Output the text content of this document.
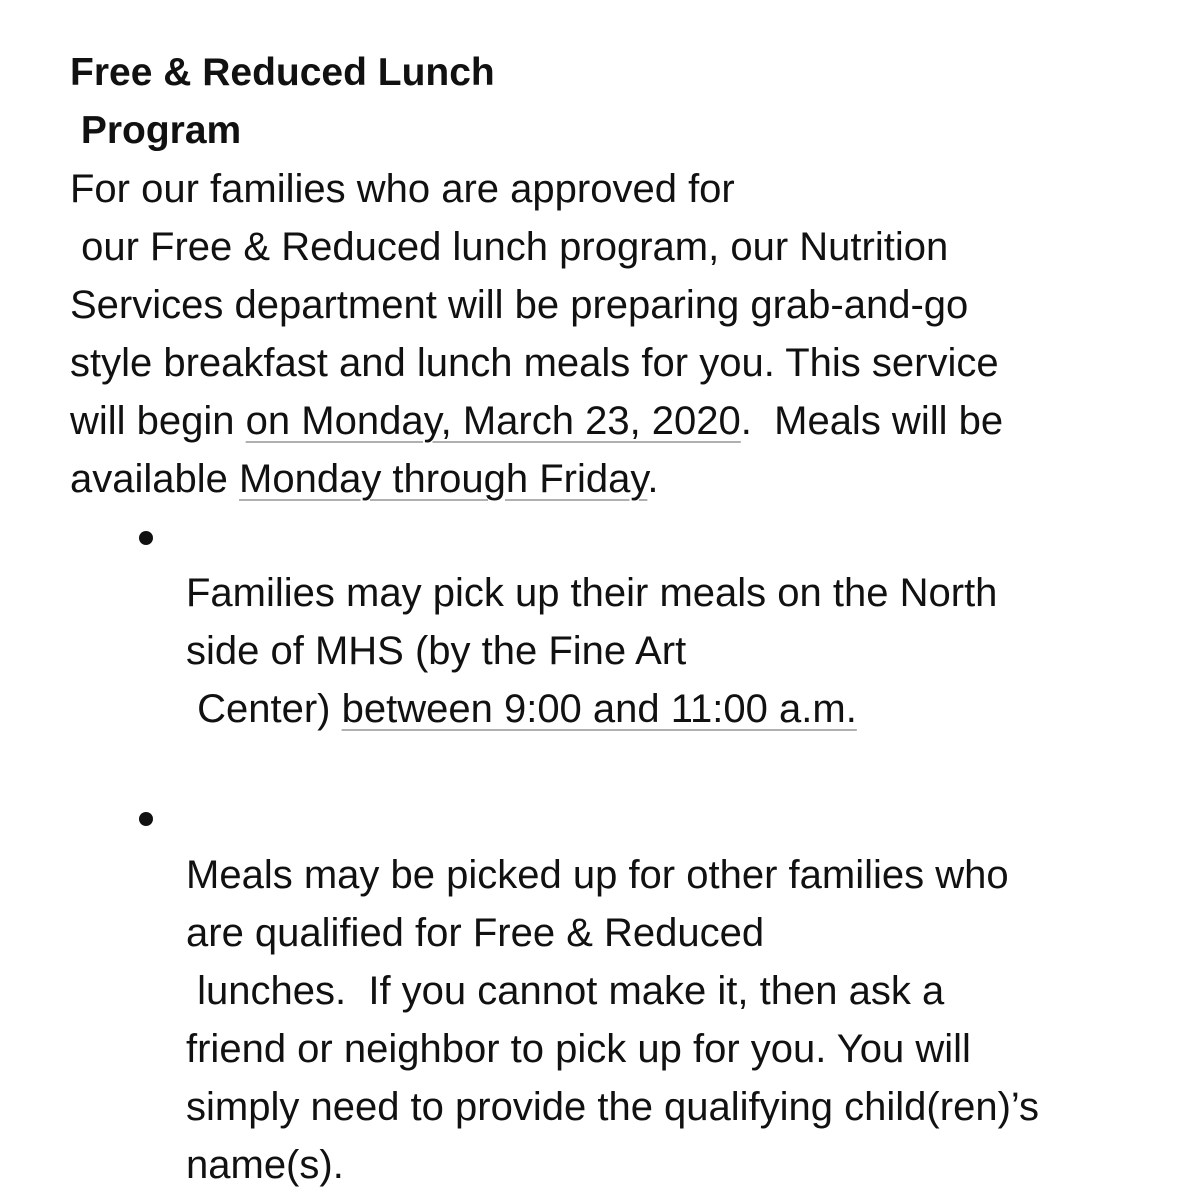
Free & Reduced Lunch
Program
For our families who are approved for
our Free & Reduced lunch program, our Nutrition
Services department will be preparing grab-and-go
style breakfast and lunch meals for you. This service
will begin on Monday, March 23, 2020.  Meals will be
available Monday through Friday.
Families may pick up their meals on the North
side of MHS (by the Fine Art
Center) between 9:00 and 11:00 a.m.
Meals may be picked up for other families who
are qualified for Free & Reduced
lunches.  If you cannot make it, then ask a
friend or neighbor to pick up for you. You will
simply need to provide the qualifying child(ren)’s
name(s).
